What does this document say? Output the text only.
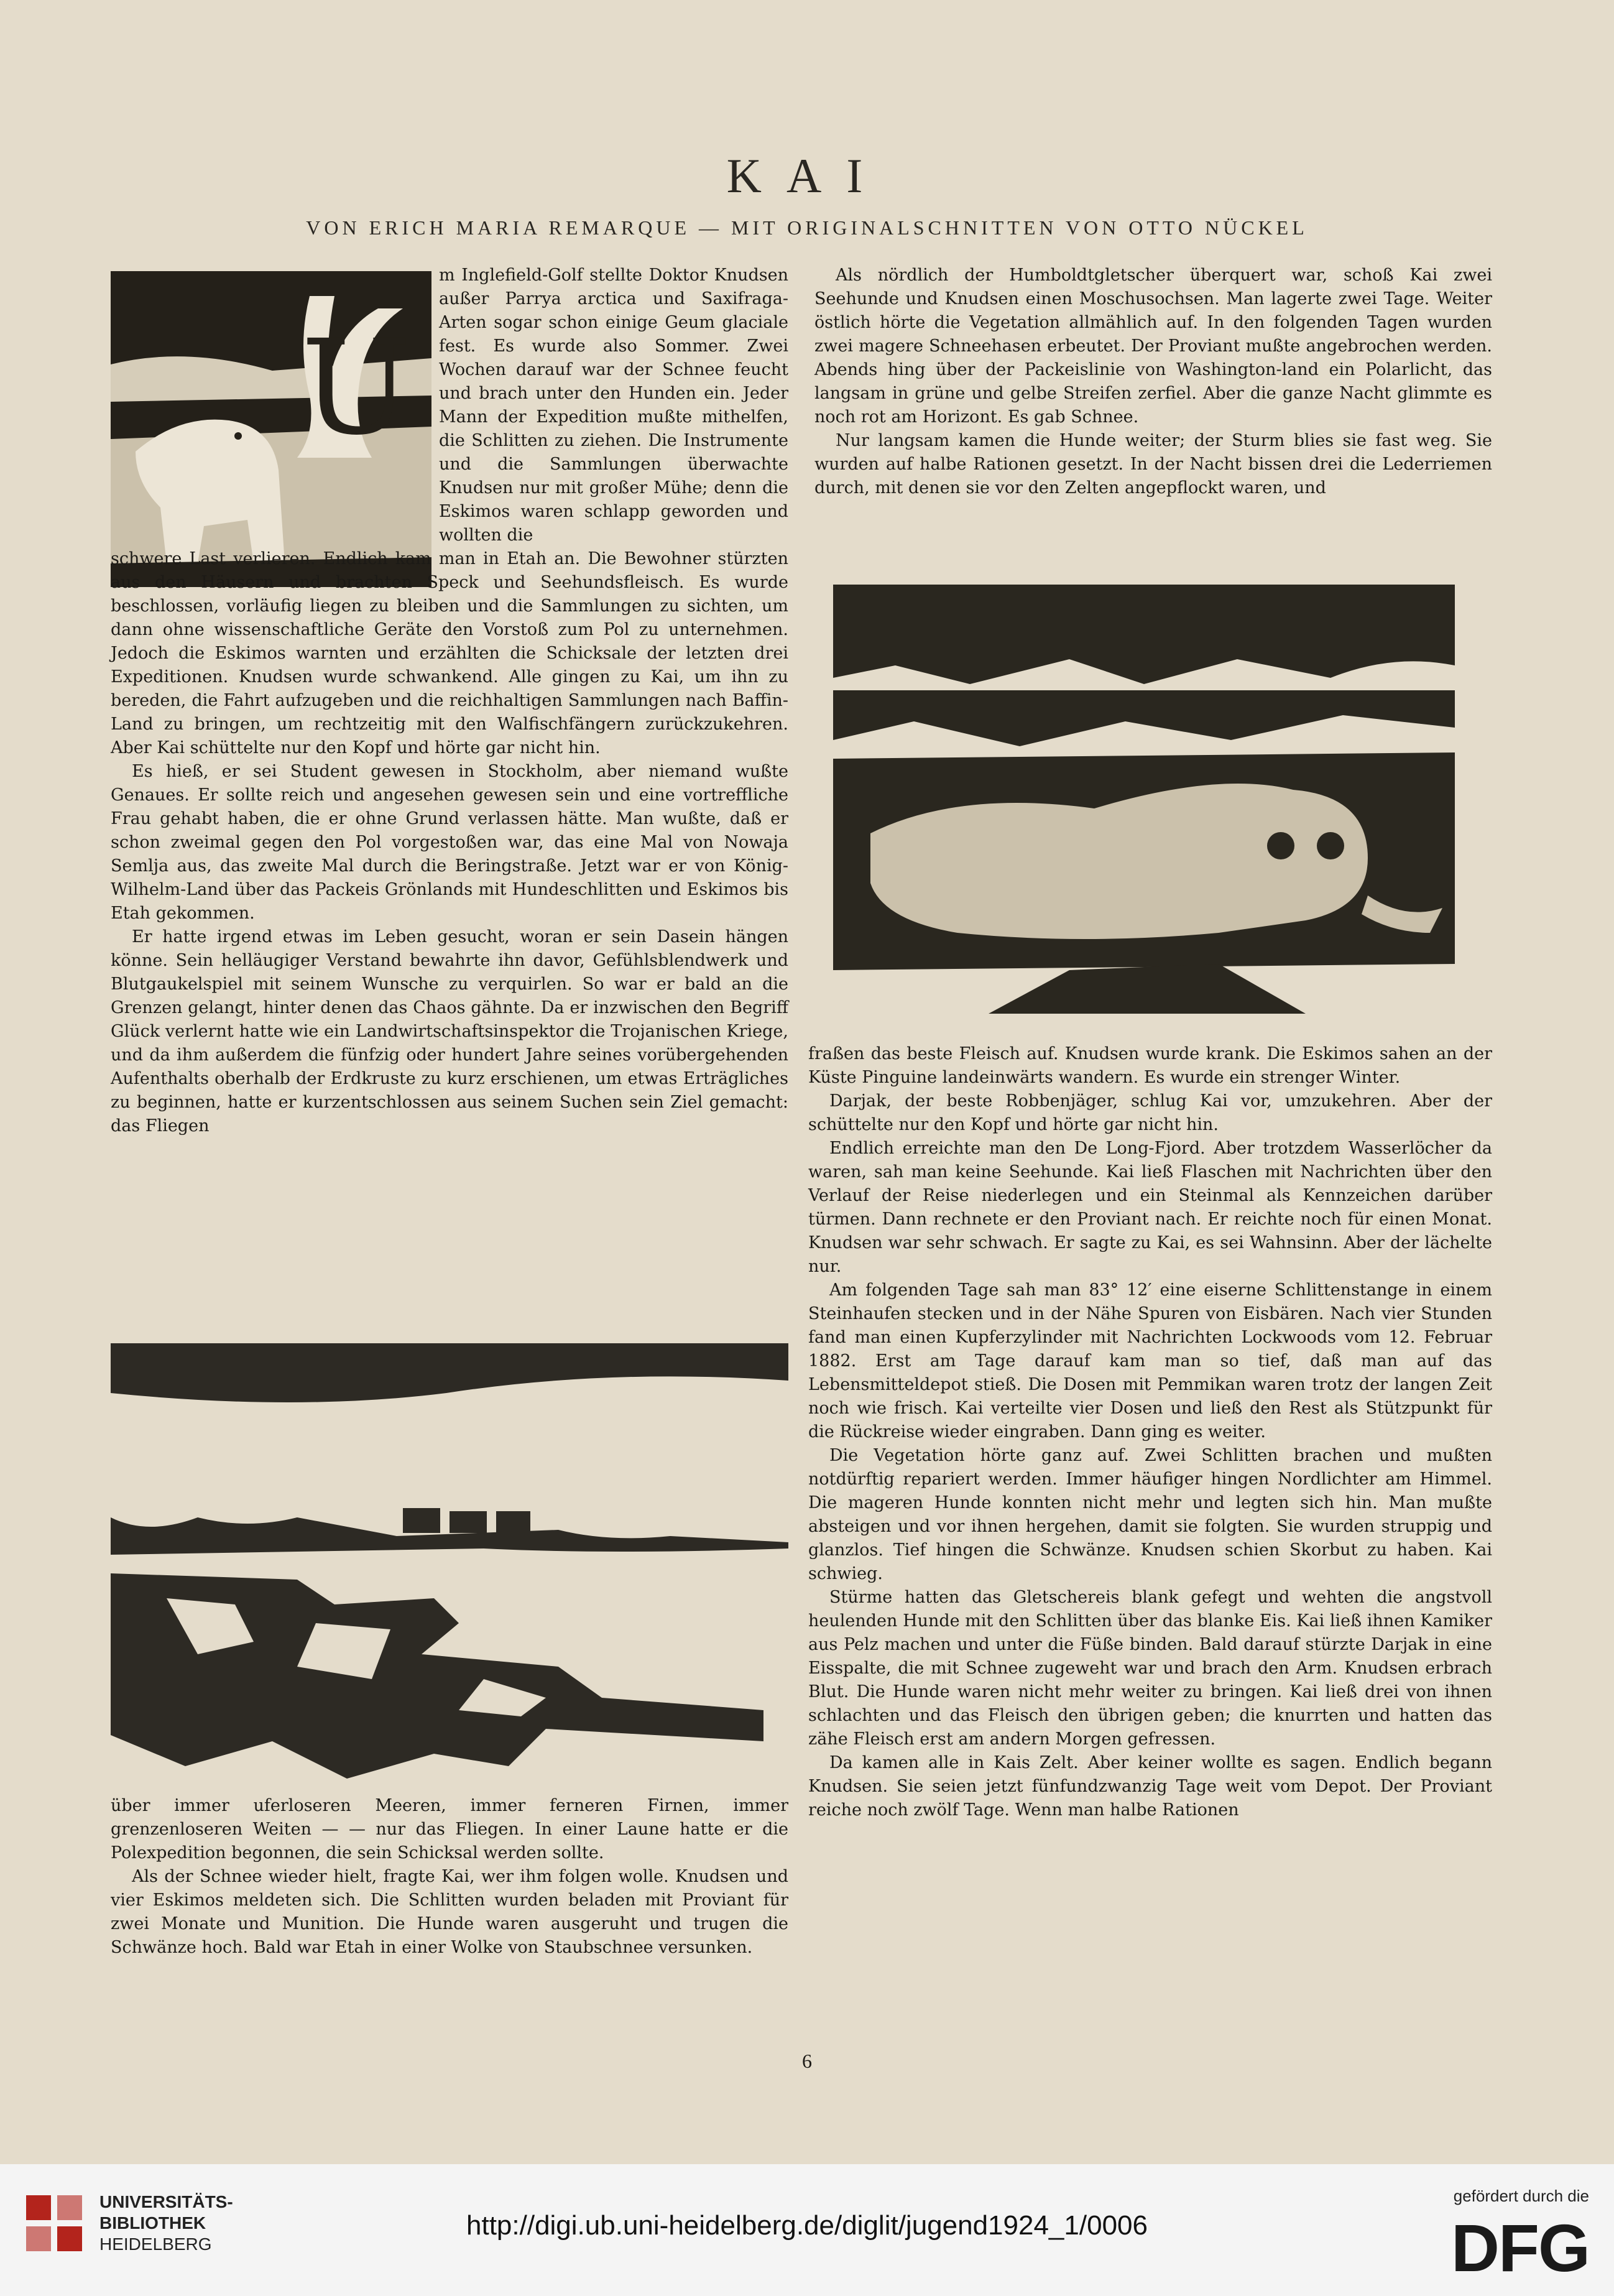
KAI
VON ERICH MARIA REMARQUE — MIT ORIGINALSCHNITTEN VON OTTO NÜCKEL
U

m Inglefield-Golf stellte Doktor Knudsen außer Parrya arctica und Saxifraga-Arten sogar schon einige Geum glaciale fest. Es wurde also Sommer. Zwei Wochen darauf war der Schnee feucht und brach unter den Hunden ein. Jeder Mann der Expedition mußte mithelfen, die Schlitten zu ziehen. Die Instrumente und die Sammlungen überwachte Knudsen nur mit großer Mühe; denn die Eskimos waren schlapp geworden und wollten die

schwere Last verlieren. Endlich kam man in Etah an. Die Bewohner stürzten aus den Häusern und brachten Speck und Seehundsfleisch. Es wurde beschlossen, vorläufig liegen zu bleiben und die Sammlungen zu sichten, um dann ohne wissenschaftliche Geräte den Vorstoß zum Pol zu unternehmen. Jedoch die Eskimos warnten und erzählten die Schicksale der letzten drei Expeditionen. Knudsen wurde schwankend. Alle gingen zu Kai, um ihn zu bereden, die Fahrt aufzugeben und die reichhaltigen Sammlungen nach Baffin-Land zu bringen, um rechtzeitig mit den Walfischfängern zurückzukehren. Aber Kai schüttelte nur den Kopf und hörte gar nicht hin.

Es hieß, er sei Student gewesen in Stockholm, aber niemand wußte Genaues. Er sollte reich und angesehen gewesen sein und eine vortreffliche Frau gehabt haben, die er ohne Grund verlassen hätte. Man wußte, daß er schon zweimal gegen den Pol vorgestoßen war, das eine Mal von Nowaja Semlja aus, das zweite Mal durch die Beringstraße. Jetzt war er von König-Wilhelm-Land über das Packeis Grönlands mit Hundeschlitten und Eskimos bis Etah gekommen.

Er hatte irgend etwas im Leben gesucht, woran er sein Dasein hängen könne. Sein helläugiger Verstand bewahrte ihn davor, Gefühlsblendwerk und Blutgaukelspiel mit seinem Wunsche zu verquirlen. So war er bald an die Grenzen gelangt, hinter denen das Chaos gähnte. Da er inzwischen den Begriff Glück verlernt hatte wie ein Landwirtschaftsinspektor die Trojanischen Kriege, und da ihm außerdem die fünfzig oder hundert Jahre seines vorübergehenden Aufenthalts oberhalb der Erdkruste zu kurz erschienen, um etwas Erträgliches zu beginnen, hatte er kurzentschlossen aus seinem Suchen sein Ziel gemacht: das Fliegen

über immer uferloseren Meeren, immer ferneren Firnen, immer grenzenloseren Weiten — — nur das Fliegen. In einer Laune hatte er die Polexpedition begonnen, die sein Schicksal werden sollte.

Als der Schnee wieder hielt, fragte Kai, wer ihm folgen wolle. Knudsen und vier Eskimos meldeten sich. Die Schlitten wurden beladen mit Proviant für zwei Monate und Munition. Die Hunde waren ausgeruht und trugen die Schwänze hoch. Bald war Etah in einer Wolke von Staubschnee versunken.

Als nördlich der Humboldtgletscher überquert war, schoß Kai zwei Seehunde und Knudsen einen Moschusochsen. Man lagerte zwei Tage. Weiter östlich hörte die Vegetation allmählich auf. In den folgenden Tagen wurden zwei magere Schneehasen erbeutet. Der Proviant mußte angebrochen werden. Abends hing über der Packeislinie von Washington-land ein Polarlicht, das langsam in grüne und gelbe Streifen zerfiel. Aber die ganze Nacht glimmte es noch rot am Horizont. Es gab Schnee.

Nur langsam kamen die Hunde weiter; der Sturm blies sie fast weg. Sie wurden auf halbe Rationen gesetzt. In der Nacht bissen drei die Lederriemen durch, mit denen sie vor den Zelten angepflockt waren, und

fraßen das beste Fleisch auf. Knudsen wurde krank. Die Eskimos sahen an der Küste Pinguine landeinwärts wandern. Es wurde ein strenger Winter.

Darjak, der beste Robbenjäger, schlug Kai vor, umzukehren. Aber der schüttelte nur den Kopf und hörte gar nicht hin.

Endlich erreichte man den De Long-Fjord. Aber trotzdem Wasserlöcher da waren, sah man keine Seehunde. Kai ließ Flaschen mit Nachrichten über den Verlauf der Reise niederlegen und ein Steinmal als Kennzeichen darüber türmen. Dann rechnete er den Proviant nach. Er reichte noch für einen Monat. Knudsen war sehr schwach. Er sagte zu Kai, es sei Wahnsinn. Aber der lächelte nur.

Am folgenden Tage sah man 83° 12′ eine eiserne Schlittenstange in einem Steinhaufen stecken und in der Nähe Spuren von Eisbären. Nach vier Stunden fand man einen Kupferzylinder mit Nachrichten Lockwoods vom 12. Februar 1882. Erst am Tage darauf kam man so tief, daß man auf das Lebensmitteldepot stieß. Die Dosen mit Pemmikan waren trotz der langen Zeit noch wie frisch. Kai verteilte vier Dosen und ließ den Rest als Stützpunkt für die Rückreise wieder eingraben. Dann ging es weiter.

Die Vegetation hörte ganz auf. Zwei Schlitten brachen und mußten notdürftig repariert werden. Immer häufiger hingen Nordlichter am Himmel. Die mageren Hunde konnten nicht mehr und legten sich hin. Man mußte absteigen und vor ihnen hergehen, damit sie folgten. Sie wurden struppig und glanzlos. Tief hingen die Schwänze. Knudsen schien Skorbut zu haben. Kai schwieg.

Stürme hatten das Gletschereis blank gefegt und wehten die angstvoll heulenden Hunde mit den Schlitten über das blanke Eis. Kai ließ ihnen Kamiker aus Pelz machen und unter die Füße binden. Bald darauf stürzte Darjak in eine Eisspalte, die mit Schnee zugeweht war und brach den Arm. Knudsen erbrach Blut. Die Hunde waren nicht mehr weiter zu bringen. Kai ließ drei von ihnen schlachten und das Fleisch den übrigen geben; die knurrten und hatten das zähe Fleisch erst am andern Morgen gefressen.

Da kamen alle in Kais Zelt. Aber keiner wollte es sagen. Endlich begann Knudsen. Sie seien jetzt fünfundzwanzig Tage weit vom Depot. Der Proviant reiche noch zwölf Tage. Wenn man halbe Rationen

6
UNIVERSITÄTS-
BIBLIOTHEK
HEIDELBERG
http://digi.ub.uni-heidelberg.de/diglit/jugend1924_1/0006
gefördert durch die
DFG
